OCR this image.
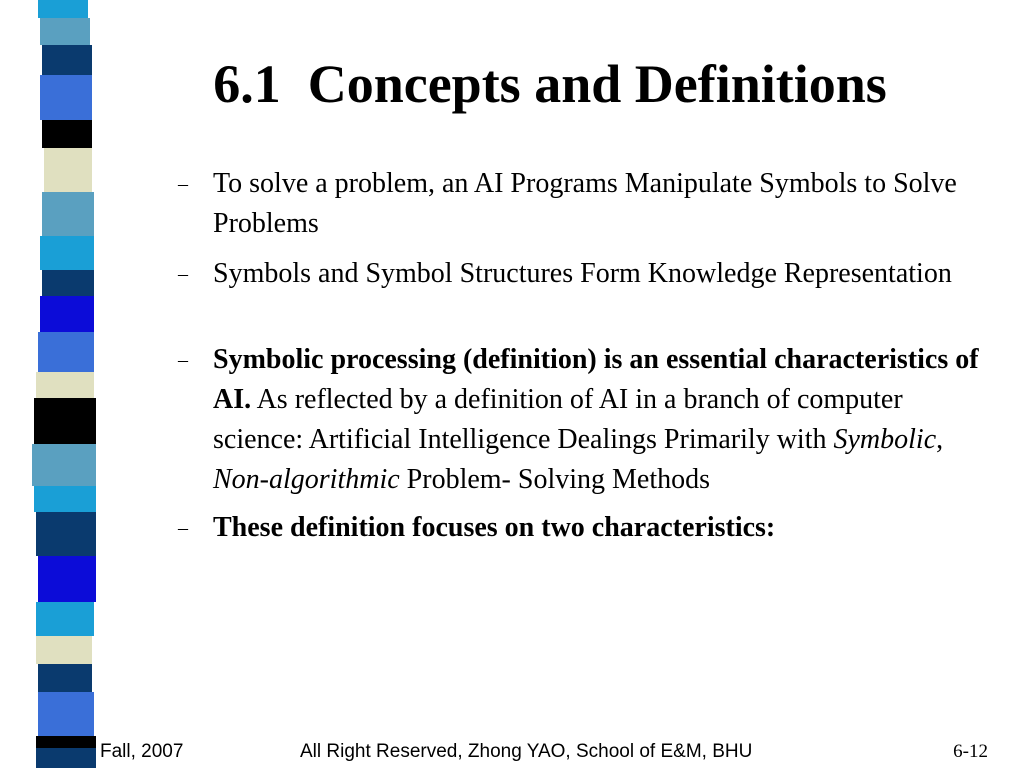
6.1  Concepts and Definitions
– To solve a problem, an AI Programs Manipulate Symbols to Solve Problems
– Symbols and Symbol Structures Form Knowledge Representation
– Symbolic processing (definition) is an essential characteristics of AI. As reflected by a definition of AI in a branch of computer science: Artificial Intelligence Dealings Primarily with Symbolic, Non-algorithmic Problem- Solving Methods
– These definition focuses on two characteristics:
Fall, 2007	All Right Reserved, Zhong YAO, School of E&M, BHU	6-12
